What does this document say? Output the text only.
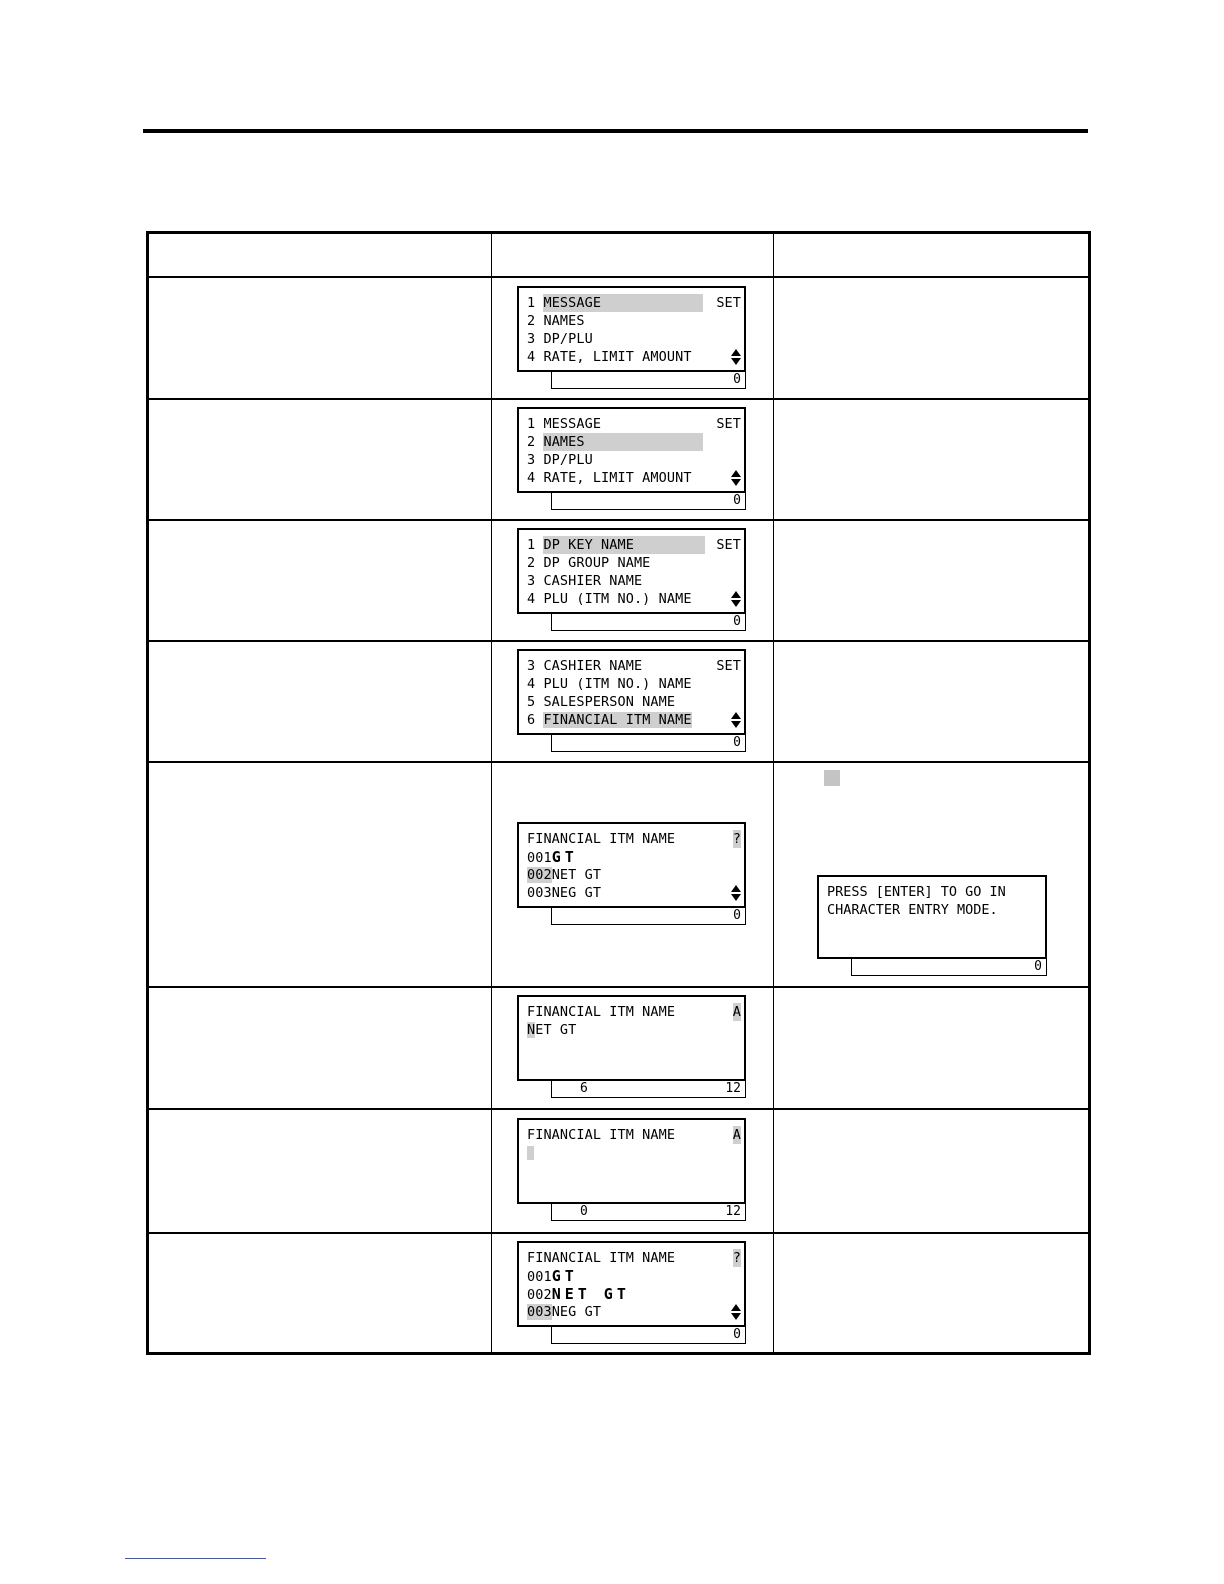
1 MESSAGE	SET
2 NAMES
3 DP/PLU
4 RATE, LIMIT AMOUNT
0
1 MESSAGE	SET
2 NAMES
3 DP/PLU
4 RATE, LIMIT AMOUNT
0
1 DP KEY NAME	SET
2 DP GROUP NAME
3 CASHIER NAME
4 PLU (ITM NO.) NAME
0
3 CASHIER NAME	SET
4 PLU (ITM NO.) NAME
5 SALESPERSON NAME
6 FINANCIAL ITM NAME
0
FINANCIAL ITM NAME	?
001GT
002NET GT
003NEG GT
0
PRESS [ENTER] TO GO IN
CHARACTER ENTRY MODE.
0
FINANCIAL ITM NAME	A
NET GT
6	12
FINANCIAL ITM NAME	A
0	12
FINANCIAL ITM NAME	?
001GT
002NET GT
003NEG GT
0
